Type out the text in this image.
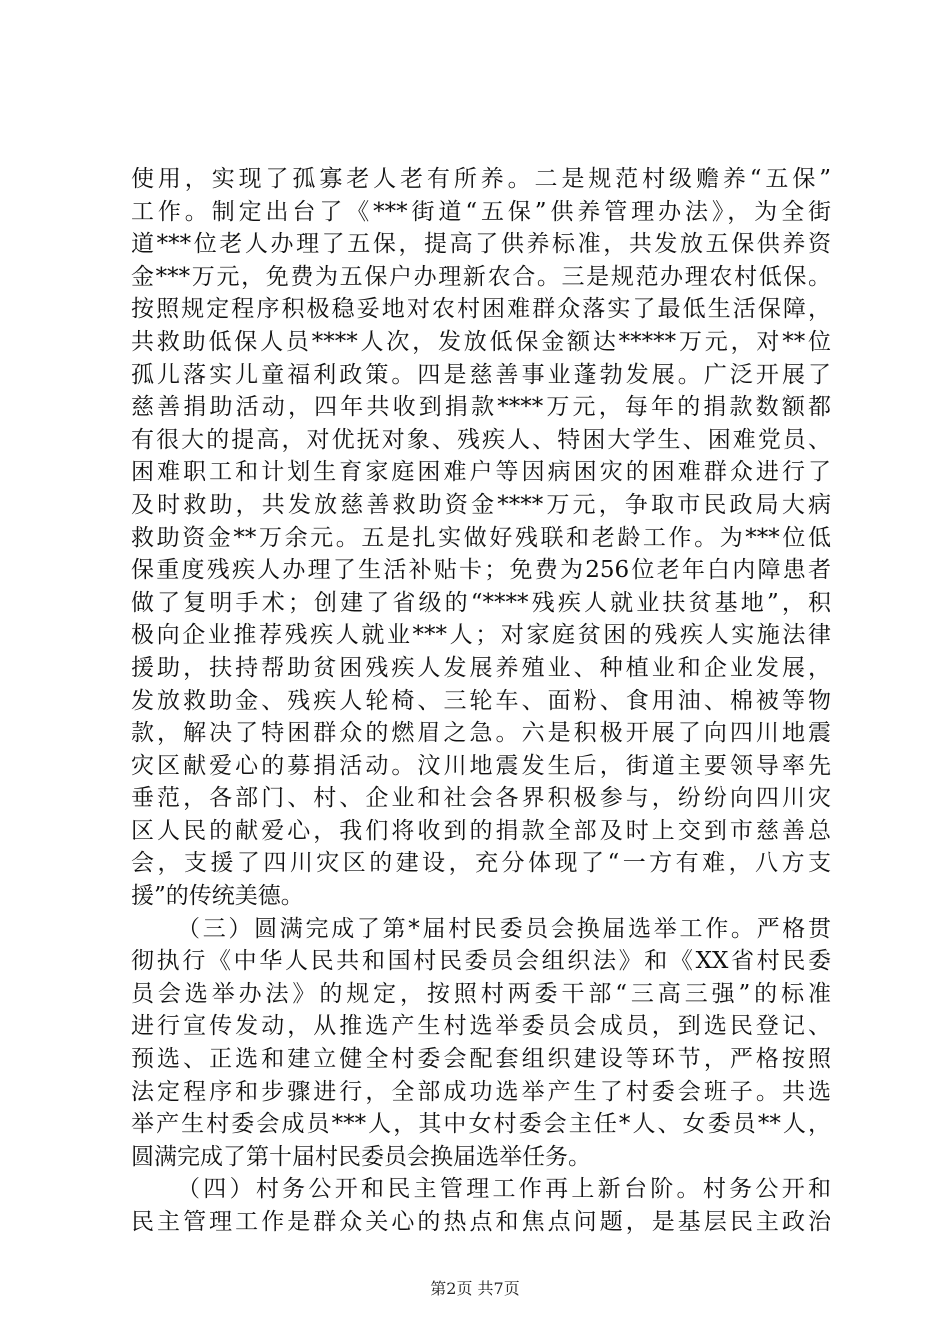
使用，实现了孤寡老人老有所养。二是规范村级赡养“五保”
工作。制定出台了《***街道“五保”供养管理办法》，为全街
道***位老人办理了五保，提高了供养标准，共发放五保供养资
金***万元，免费为五保户办理新农合。三是规范办理农村低保。
按照规定程序积极稳妥地对农村困难群众落实了最低生活保障，
共救助低保人员****人次，发放低保金额达*****万元，对**位
孤儿落实儿童福利政策。四是慈善事业蓬勃发展。广泛开展了
慈善捐助活动，四年共收到捐款****万元，每年的捐款数额都
有很大的提高，对优抚对象、残疾人、特困大学生、困难党员、
困难职工和计划生育家庭困难户等因病困灾的困难群众进行了
及时救助，共发放慈善救助资金****万元，争取市民政局大病
救助资金**万余元。五是扎实做好残联和老龄工作。为***位低
保重度残疾人办理了生活补贴卡；免费为256位老年白内障患者
做了复明手术；创建了省级的“****残疾人就业扶贫基地”，积
极向企业推荐残疾人就业***人；对家庭贫困的残疾人实施法律
援助，扶持帮助贫困残疾人发展养殖业、种植业和企业发展，
发放救助金、残疾人轮椅、三轮车、面粉、食用油、棉被等物
款，解决了特困群众的燃眉之急。六是积极开展了向四川地震
灾区献爱心的募捐活动。汶川地震发生后，街道主要领导率先
垂范，各部门、村、企业和社会各界积极参与，纷纷向四川灾
区人民的献爱心，我们将收到的捐款全部及时上交到市慈善总
会，支援了四川灾区的建设，充分体现了“一方有难，八方支
援”的传统美德。
（三）圆满完成了第*届村民委员会换届选举工作。严格贯
彻执行《中华人民共和国村民委员会组织法》和《XX省村民委
员会选举办法》的规定，按照村两委干部“三高三强”的标准
进行宣传发动，从推选产生村选举委员会成员，到选民登记、
预选、正选和建立健全村委会配套组织建设等环节，严格按照
法定程序和步骤进行，全部成功选举产生了村委会班子。共选
举产生村委会成员***人，其中女村委会主任*人、女委员**人，
圆满完成了第十届村民委员会换届选举任务。
（四）村务公开和民主管理工作再上新台阶。村务公开和
民主管理工作是群众关心的热点和焦点问题，是基层民主政治
第2页 共7页
